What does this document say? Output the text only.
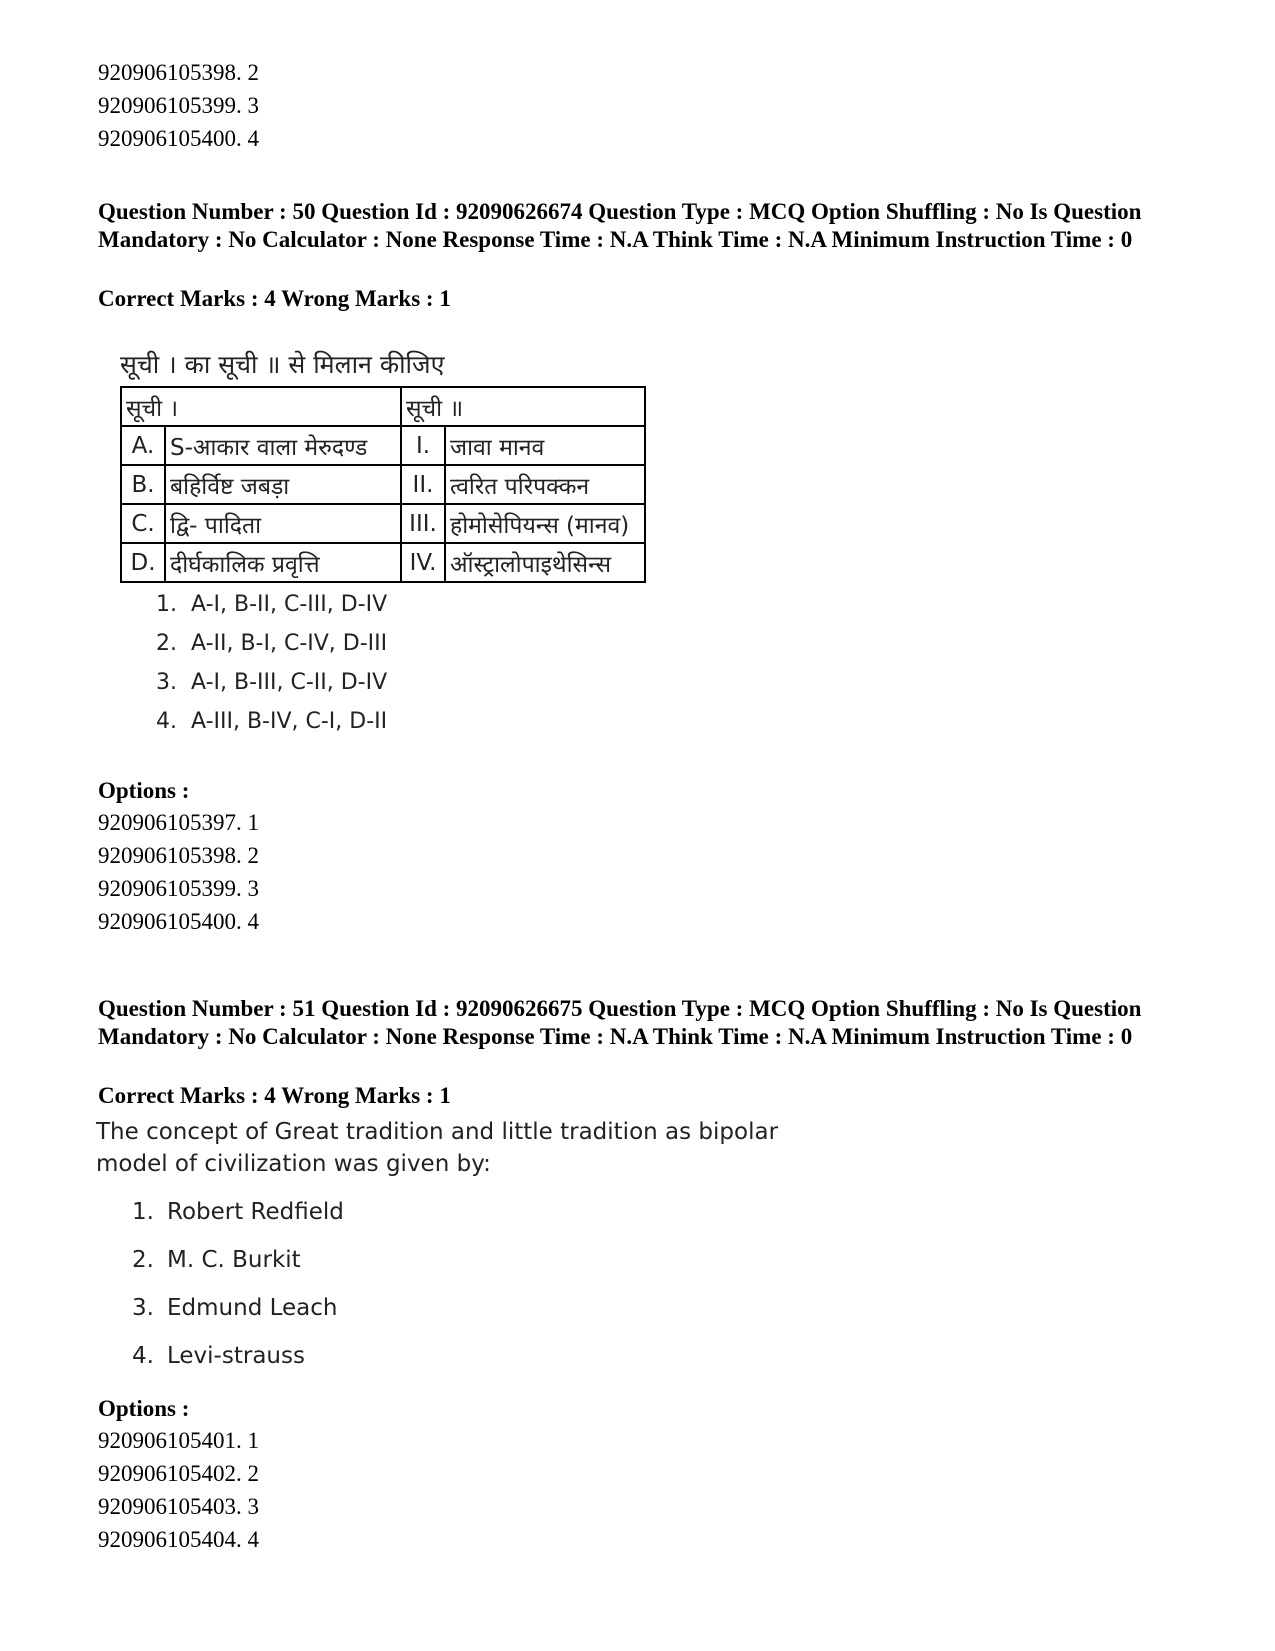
920906105398. 2
920906105399. 3
920906105400. 4
Question Number : 50 Question Id : 92090626674 Question Type : MCQ Option Shuffling : No Is Question Mandatory : No Calculator : None Response Time : N.A Think Time : N.A Minimum Instruction Time : 0
Correct Marks : 4 Wrong Marks : 1
सूची । का सूची ॥ से मिलान कीजिए
सूची ।		सूची ॥	
A.	S-आकार वाला मेरुदण्ड	I.	जावा मानव
B.	बहिर्विष्ट जबड़ा	II.	त्वरित परिपक्कन
C.	द्वि- पादिता	III.	होमोसेपियन्स (मानव)
D.	दीर्घकालिक प्रवृत्ति	IV.	ऑस्ट्रालोपाइथेसिन्स
1. A-I, B-II, C-III, D-IV
2. A-II, B-I, C-IV, D-III
3. A-I, B-III, C-II, D-IV
4. A-III, B-IV, C-I, D-II
Options :
920906105397. 1
920906105398. 2
920906105399. 3
920906105400. 4
Question Number : 51 Question Id : 92090626675 Question Type : MCQ Option Shuffling : No Is Question Mandatory : No Calculator : None Response Time : N.A Think Time : N.A Minimum Instruction Time : 0
Correct Marks : 4 Wrong Marks : 1
The concept of Great tradition and little tradition as bipolar model of civilization was given by:
1. Robert Redfield
2. M. C. Burkit
3. Edmund Leach
4. Levi-strauss
Options :
920906105401. 1
920906105402. 2
920906105403. 3
920906105404. 4
